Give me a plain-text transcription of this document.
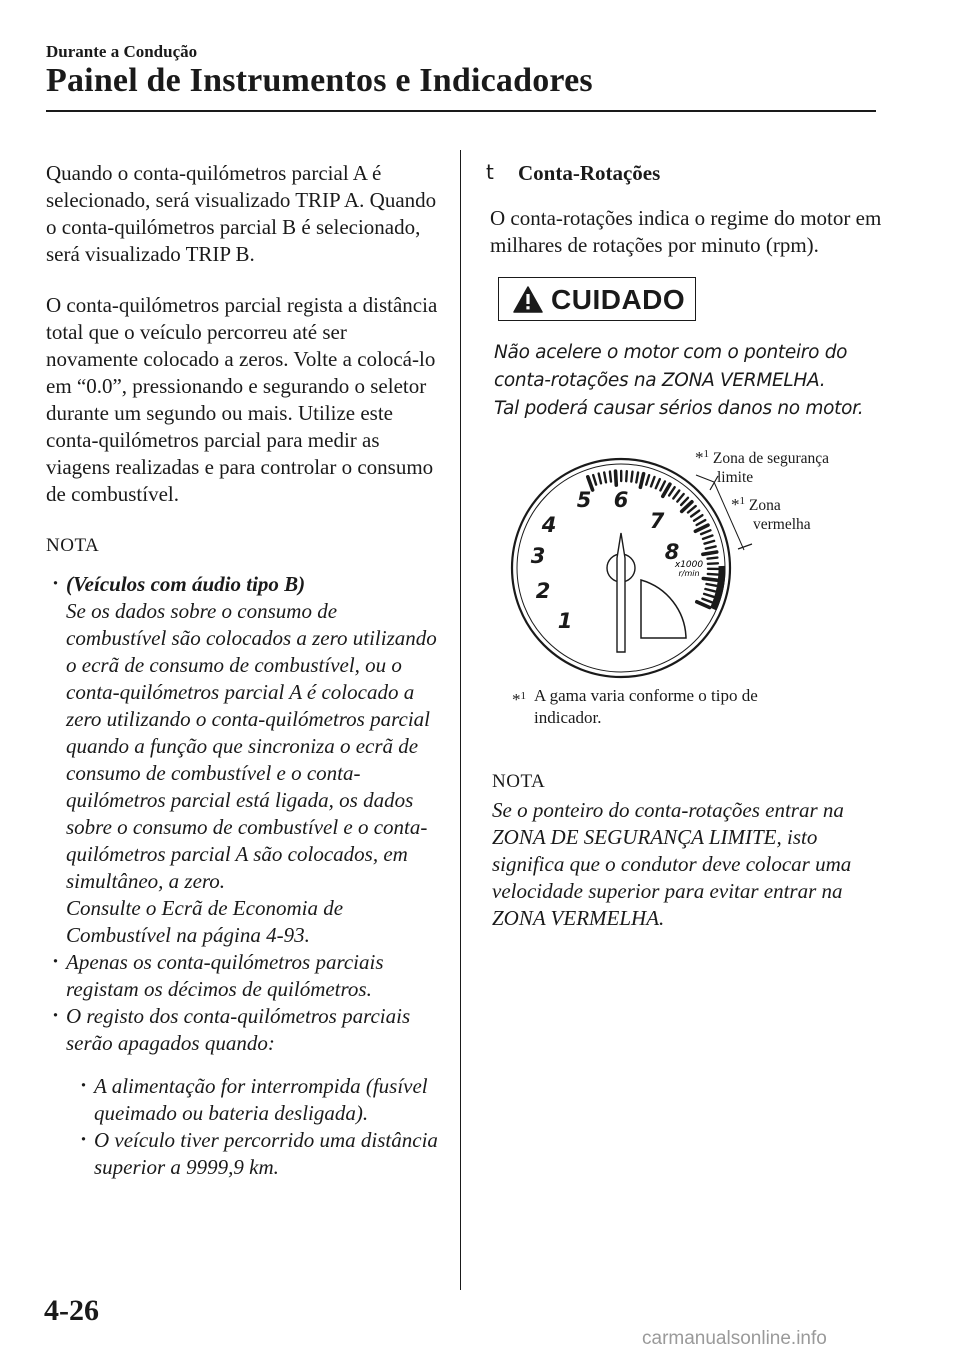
Durante a Condução
Painel de Instrumentos e Indicadores

Quando o conta-quilómetros parcial A é selecionado, será visualizado TRIP A. Quando o conta-quilómetros parcial B é selecionado, será visualizado TRIP B.

O conta-quilómetros parcial regista a distância total que o veículo percorreu até ser novamente colocado a zeros. Volte a colocá-lo em “0.0”, pressionando e segurando o seletor durante um segundo ou mais. Utilize este conta-quilómetros parcial para medir as viagens realizadas e para controlar o consumo de combustível.

NOTA
· (Veículos com áudio tipo B)
Se os dados sobre o consumo de combustível são colocados a zero utilizando o ecrã de consumo de combustível, ou o conta-quilómetros parcial A é colocado a zero utilizando o conta-quilómetros parcial quando a função que sincroniza o ecrã de consumo de combustível e o conta-quilómetros parcial está ligada, os dados sobre o consumo de combustível e o conta-quilómetros parcial A são colocados, em simultâneo, a zero.
Consulte o Ecrã de Economia de Combustível na página 4-93.
· Apenas os conta-quilómetros parciais registam os décimos de quilómetros.
· O registo dos conta-quilómetros parciais serão apagados quando:
· A alimentação for interrompida (fusível queimado ou bateria desligada).
· O veículo tiver percorrido uma distância superior a 9999,9 km.
t Conta-Rotações

O conta-rotações indica o regime do motor em milhares de rotações por minuto (rpm).

CUIDADO
Não acelere o motor com o ponteiro do
conta-rotações na ZONA VERMELHA.
Tal poderá causar sérios danos no motor.
1
2
3
4
5 6
7
8
x1000
r/min
*$^1$ Zona de segurança
limite
*$^1$ Zona
vermelha
*$^1$ A gama varia conforme o tipo de indicador.
NOTA
Se o ponteiro do conta-rotações entrar na ZONA DE SEGURANÇA LIMITE, isto significa que o condutor deve colocar uma velocidade superior para evitar entrar na ZONA VERMELHA.
4-26
carmanualsonline.info
